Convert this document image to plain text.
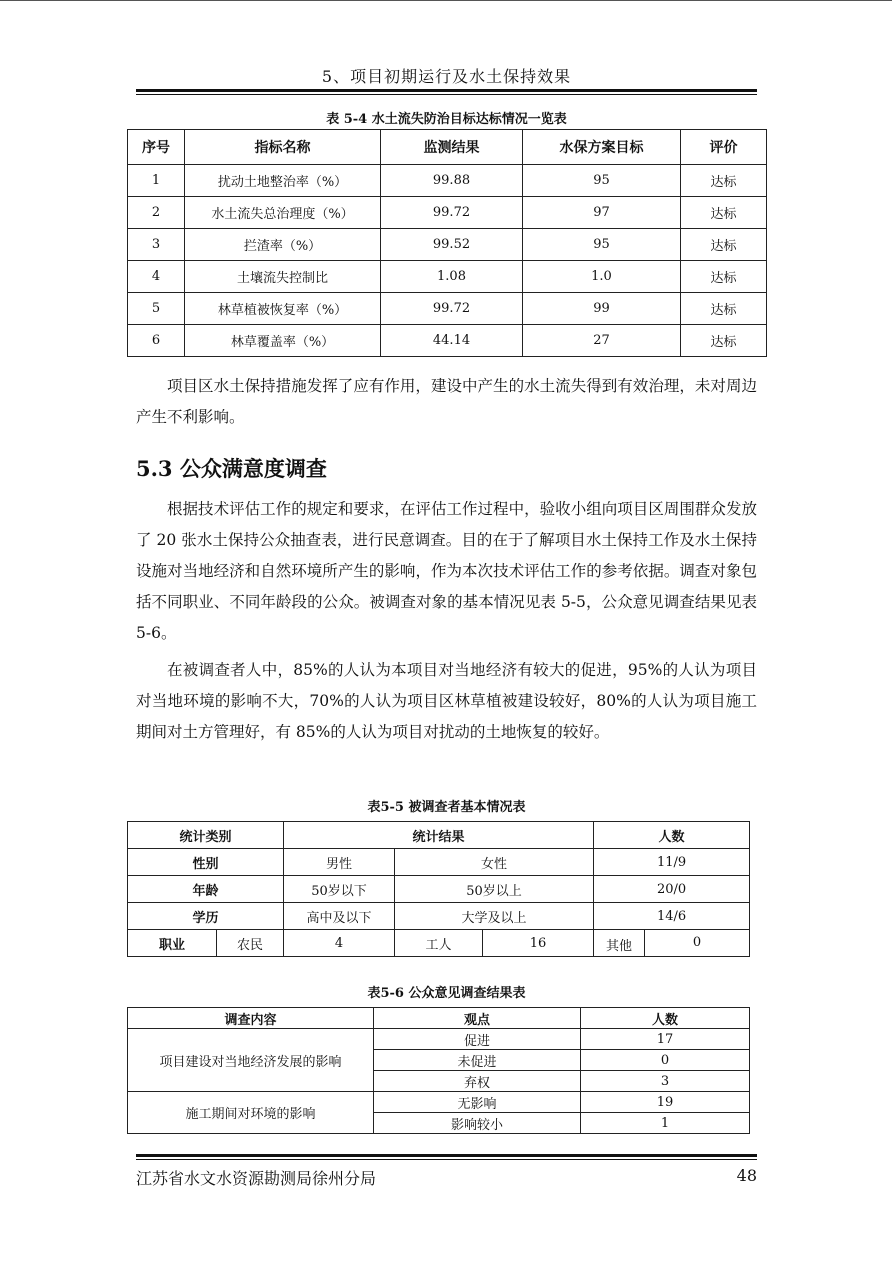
5、项目初期运行及水土保持效果
表 5-4 水土流失防治目标达标情况一览表
序号	指标名称	监测结果	水保方案目标	评价
1	扰动土地整治率（%）	99.88	95	达标
2	水土流失总治理度（%）	99.72	97	达标
3	拦渣率（%）	99.52	95	达标
4	土壤流失控制比	1.08	1.0	达标
5	林草植被恢复率（%）	99.72	99	达标
6	林草覆盖率（%）	44.14	27	达标

项目区水土保持措施发挥了应有作用，建设中产生的水土流失得到有效治理，未对周边产生不利影响。

5.3 公众满意度调查

根据技术评估工作的规定和要求，在评估工作过程中，验收小组向项目区周围群众发放了 20 张水土保持公众抽查表，进行民意调查。目的在于了解项目水土保持工作及水土保持设施对当地经济和自然环境所产生的影响，作为本次技术评估工作的参考依据。调查对象包括不同职业、不同年龄段的公众。被调查对象的基本情况见表 5-5，公众意见调查结果见表 5-6。

在被调查者人中，85%的人认为本项目对当地经济有较大的促进，95%的人认为项目对当地环境的影响不大，70%的人认为项目区林草植被建设较好，80%的人认为项目施工期间对土方管理好，有 85%的人认为项目对扰动的土地恢复的较好。

表5-5 被调查者基本情况表
统计类别		统计结果			人数
性别		男性	女性		11/9
年龄		50岁以下	50岁以上		20/0
学历		高中及以下	大学及以上		14/6
职业	农民	4	工人	16	其他 0
表5-6 公众意见调查结果表
调查内容	观点	人数
项目建设对当地经济发展的影响	促进	17
	未促进	0
	弃权	3
施工期间对环境的影响	无影响	19
	影响较小	1
江苏省水文水资源勘测局徐州分局	48
